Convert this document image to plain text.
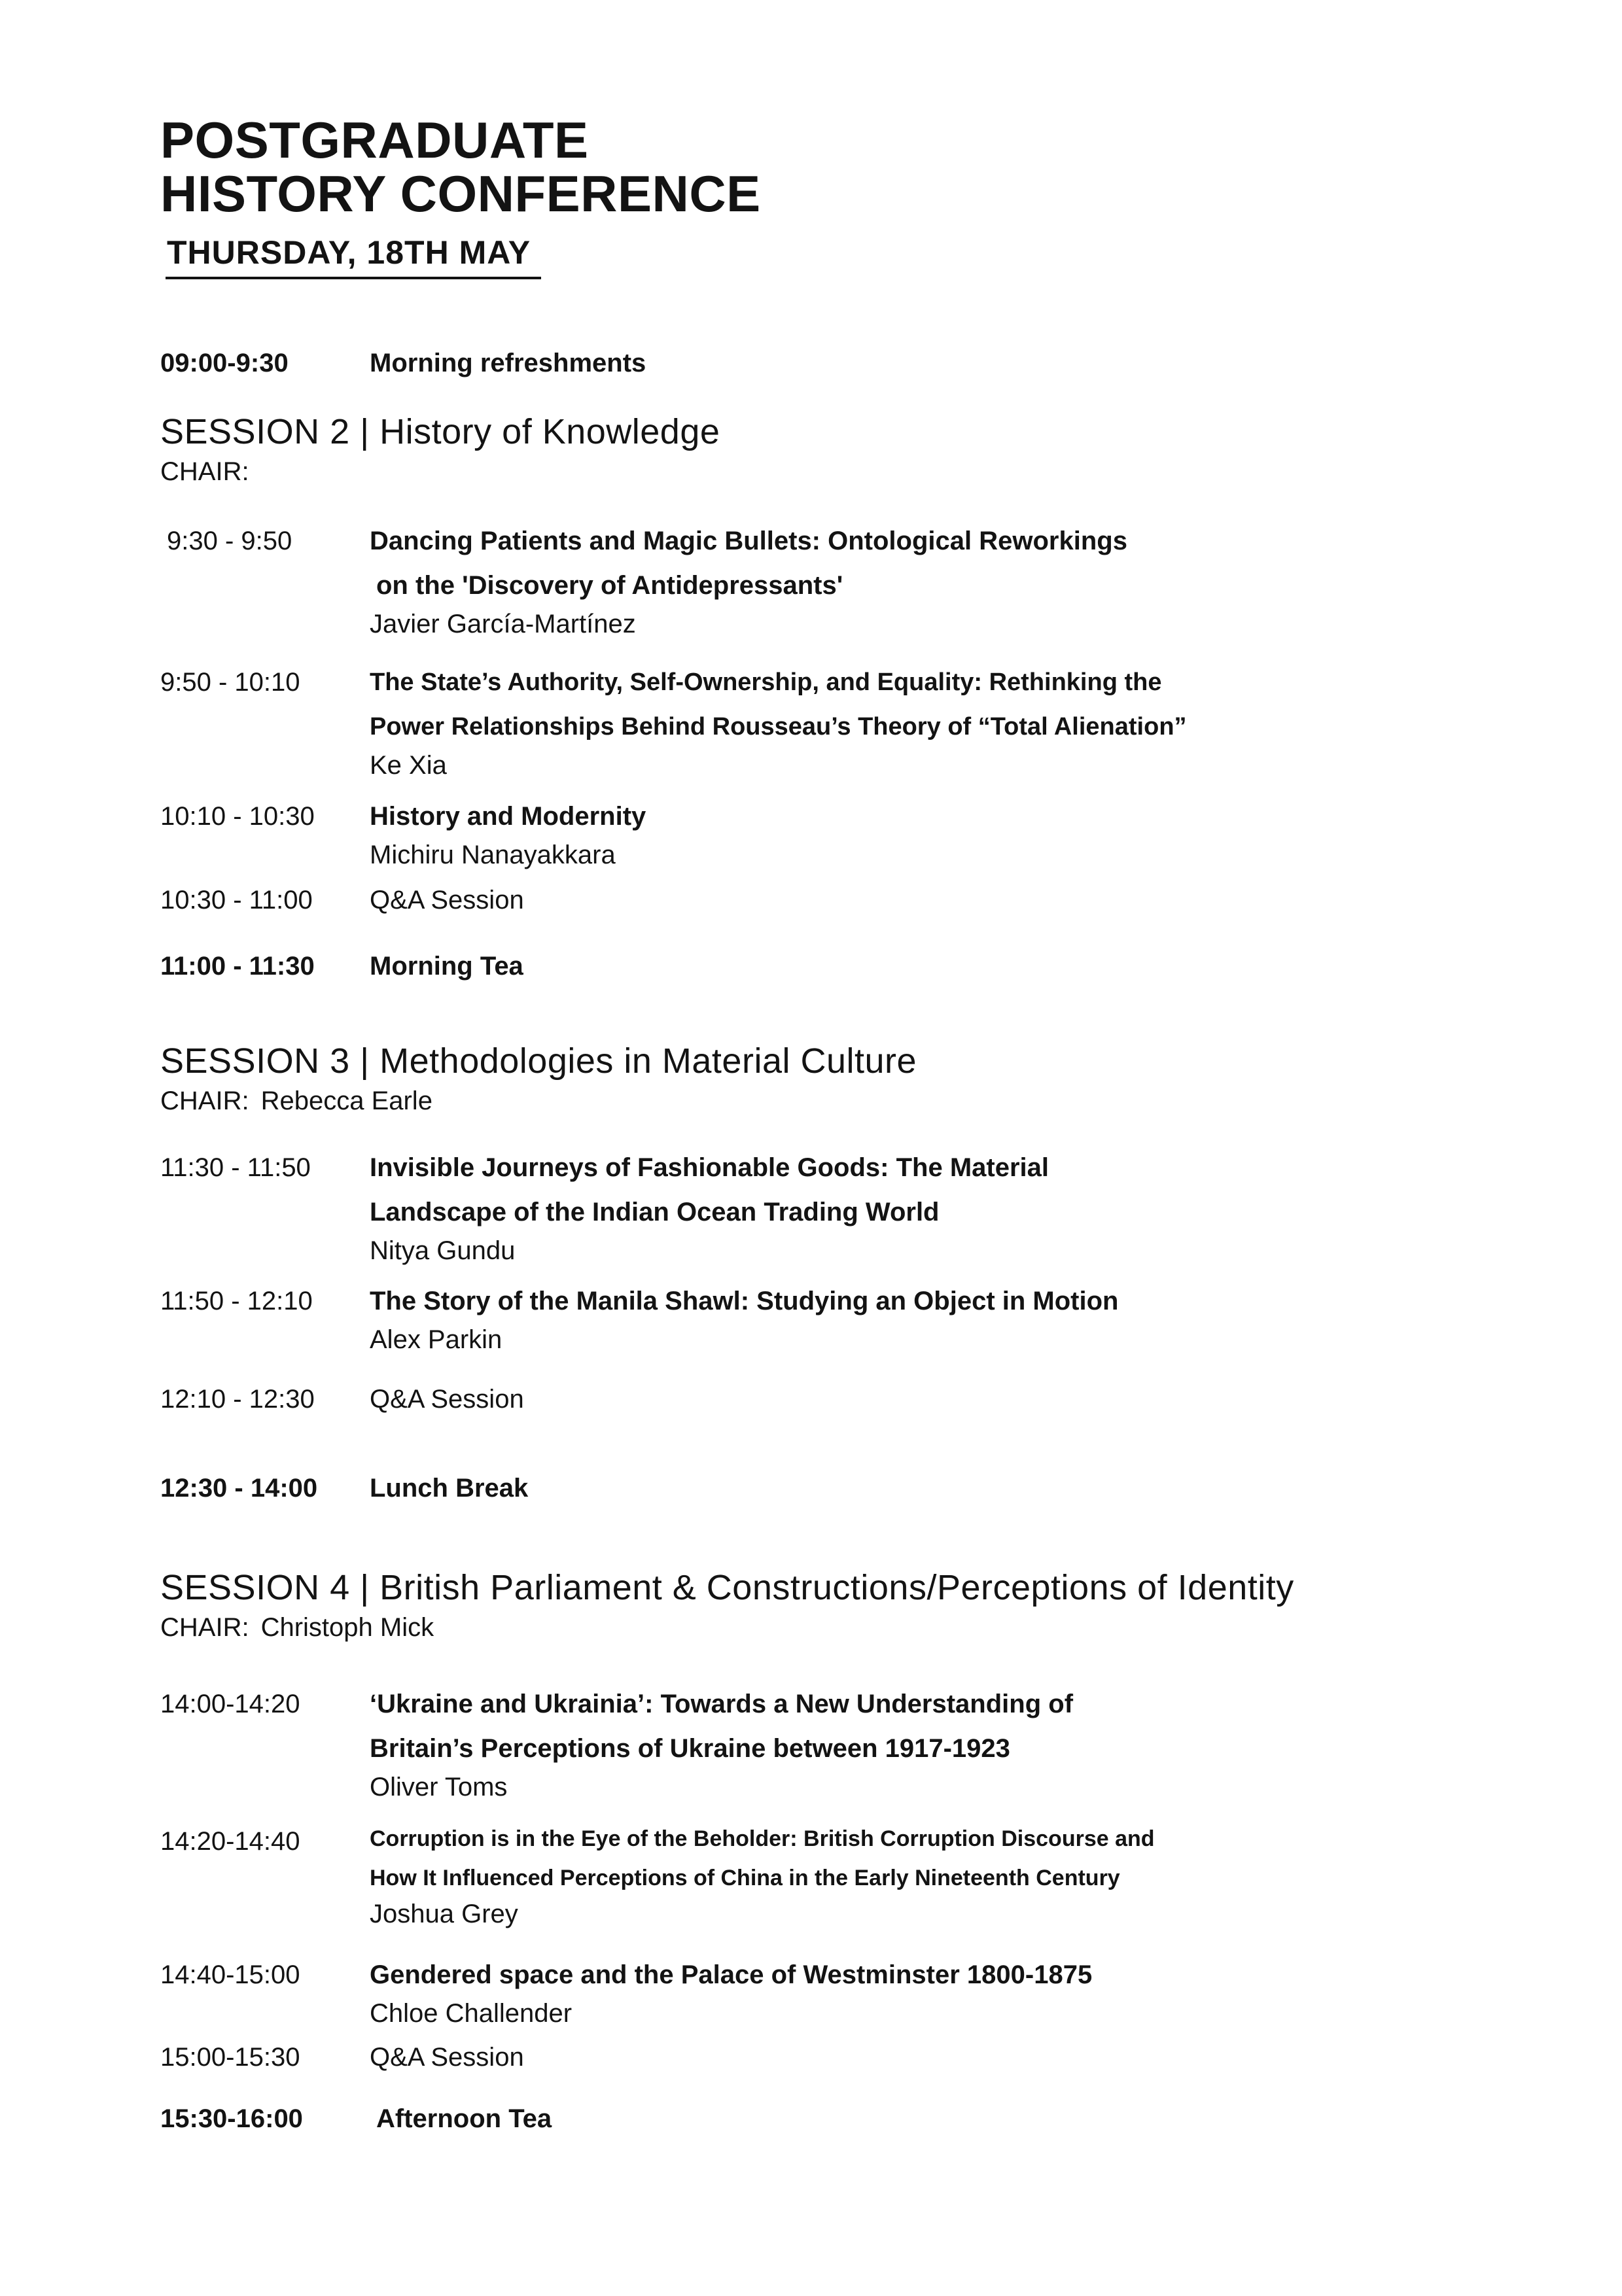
POSTGRADUATE
HISTORY CONFERENCE
THURSDAY, 18TH MAY
09:00-9:30	Morning refreshments
SESSION 2 | History of Knowledge
CHAIR:
9:30 - 9:50	Dancing Patients and Magic Bullets: Ontological Reworkings
on the 'Discovery of Antidepressants'
Javier García-Martínez
9:50 - 10:10	The State’s Authority, Self-Ownership, and Equality: Rethinking the
Power Relationships Behind Rousseau’s Theory of “Total Alienation”
Ke Xia
10:10 - 10:30	History and Modernity
Michiru Nanayakkara
10:30 - 11:00	Q&A Session
11:00 - 11:30	Morning Tea
SESSION 3 | Methodologies in Material Culture
CHAIR: Rebecca Earle
11:30 - 11:50	Invisible Journeys of Fashionable Goods: The Material
Landscape of the Indian Ocean Trading World
Nitya Gundu
11:50 - 12:10	The Story of the Manila Shawl: Studying an Object in Motion
Alex Parkin
12:10 - 12:30	Q&A Session
12:30 - 14:00	Lunch Break
SESSION 4 | British Parliament & Constructions/Perceptions of Identity
CHAIR: Christoph Mick
14:00-14:20	‘Ukraine and Ukrainia’: Towards a New Understanding of
Britain’s Perceptions of Ukraine between 1917-1923
Oliver Toms
14:20-14:40	Corruption is in the Eye of the Beholder: British Corruption Discourse and
How It Influenced Perceptions of China in the Early Nineteenth Century
Joshua Grey
14:40-15:00	Gendered space and the Palace of Westminster 1800-1875
Chloe Challender
15:00-15:30	Q&A Session
15:30-16:00	Afternoon Tea
